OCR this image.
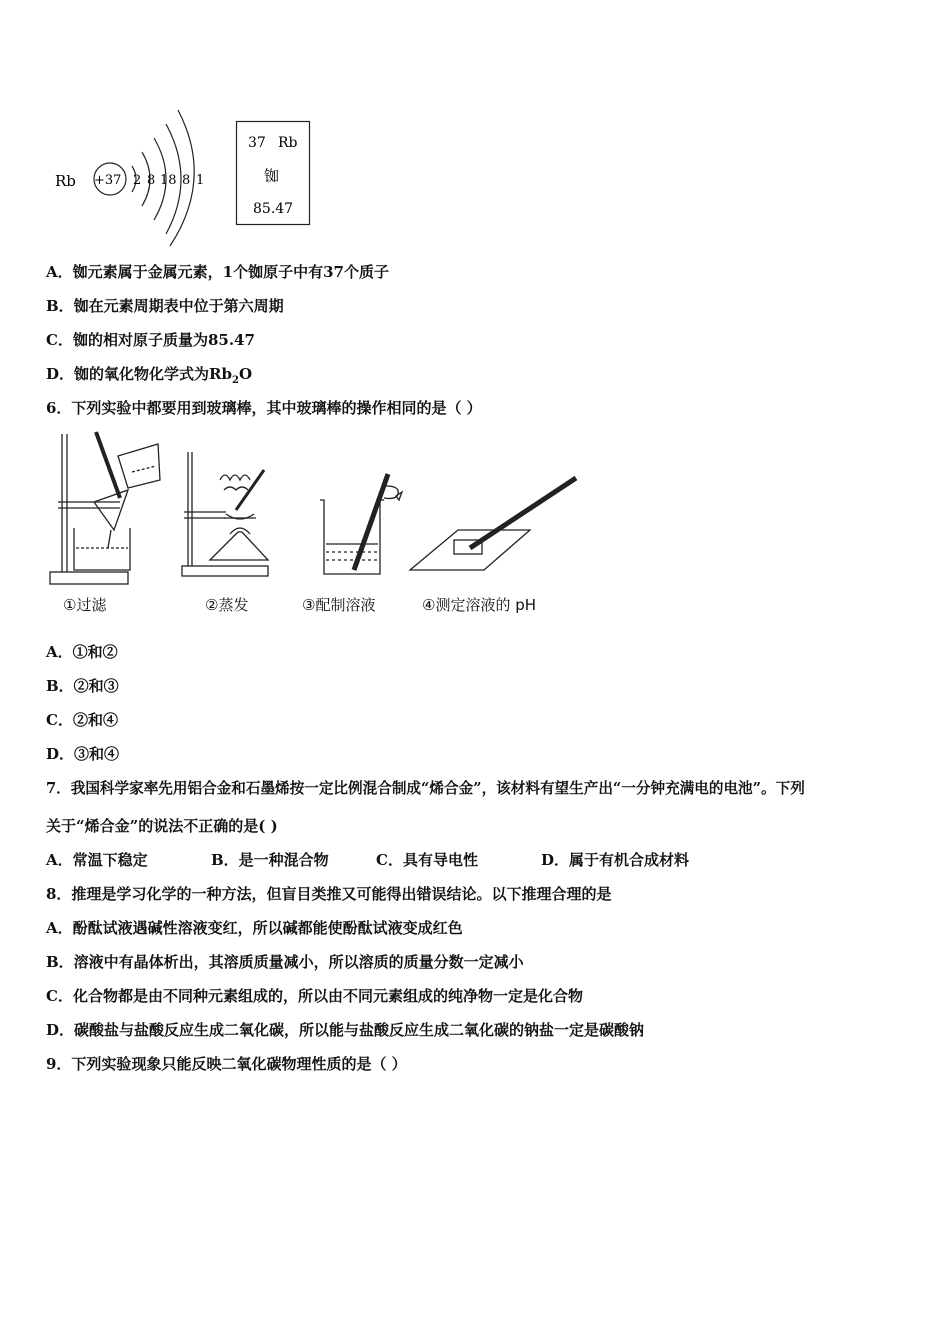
Rb +37 2 8 18 8 1
37 Rb
铷
85.47
A．铷元素属于金属元素，1个铷原子中有37个质子
B．铷在元素周期表中位于第六周期
C．铷的相对原子质量为85.47
D．铷的氧化物化学式为$Rb_2O$
6．下列实验中都要用到玻璃棒，其中玻璃棒的操作相同的是（ ）
①过滤	②蒸发	③配制溶液	④测定溶液的 pH
A．①和②
B．②和③
C．②和④
D．③和④
7．我国科学家率先用铝合金和石墨烯按一定比例混合制成“烯合金”，该材料有望生产出“一分钟充满电的电池”。下列
关于“烯合金”的说法不正确的是( )
A．常温下稳定	B．是一种混合物	C．具有导电性	D．属于有机合成材料
8．推理是学习化学的一种方法，但盲目类推又可能得出错误结论。以下推理合理的是
A．酚酞试液遇碱性溶液变红，所以碱都能使酚酞试液变成红色
B．溶液中有晶体析出，其溶质质量减小，所以溶质的质量分数一定减小
C．化合物都是由不同种元素组成的，所以由不同元素组成的纯净物一定是化合物
D．碳酸盐与盐酸反应生成二氧化碳，所以能与盐酸反应生成二氧化碳的钠盐一定是碳酸钠
9．下列实验现象只能反映二氧化碳物理性质的是（ ）
